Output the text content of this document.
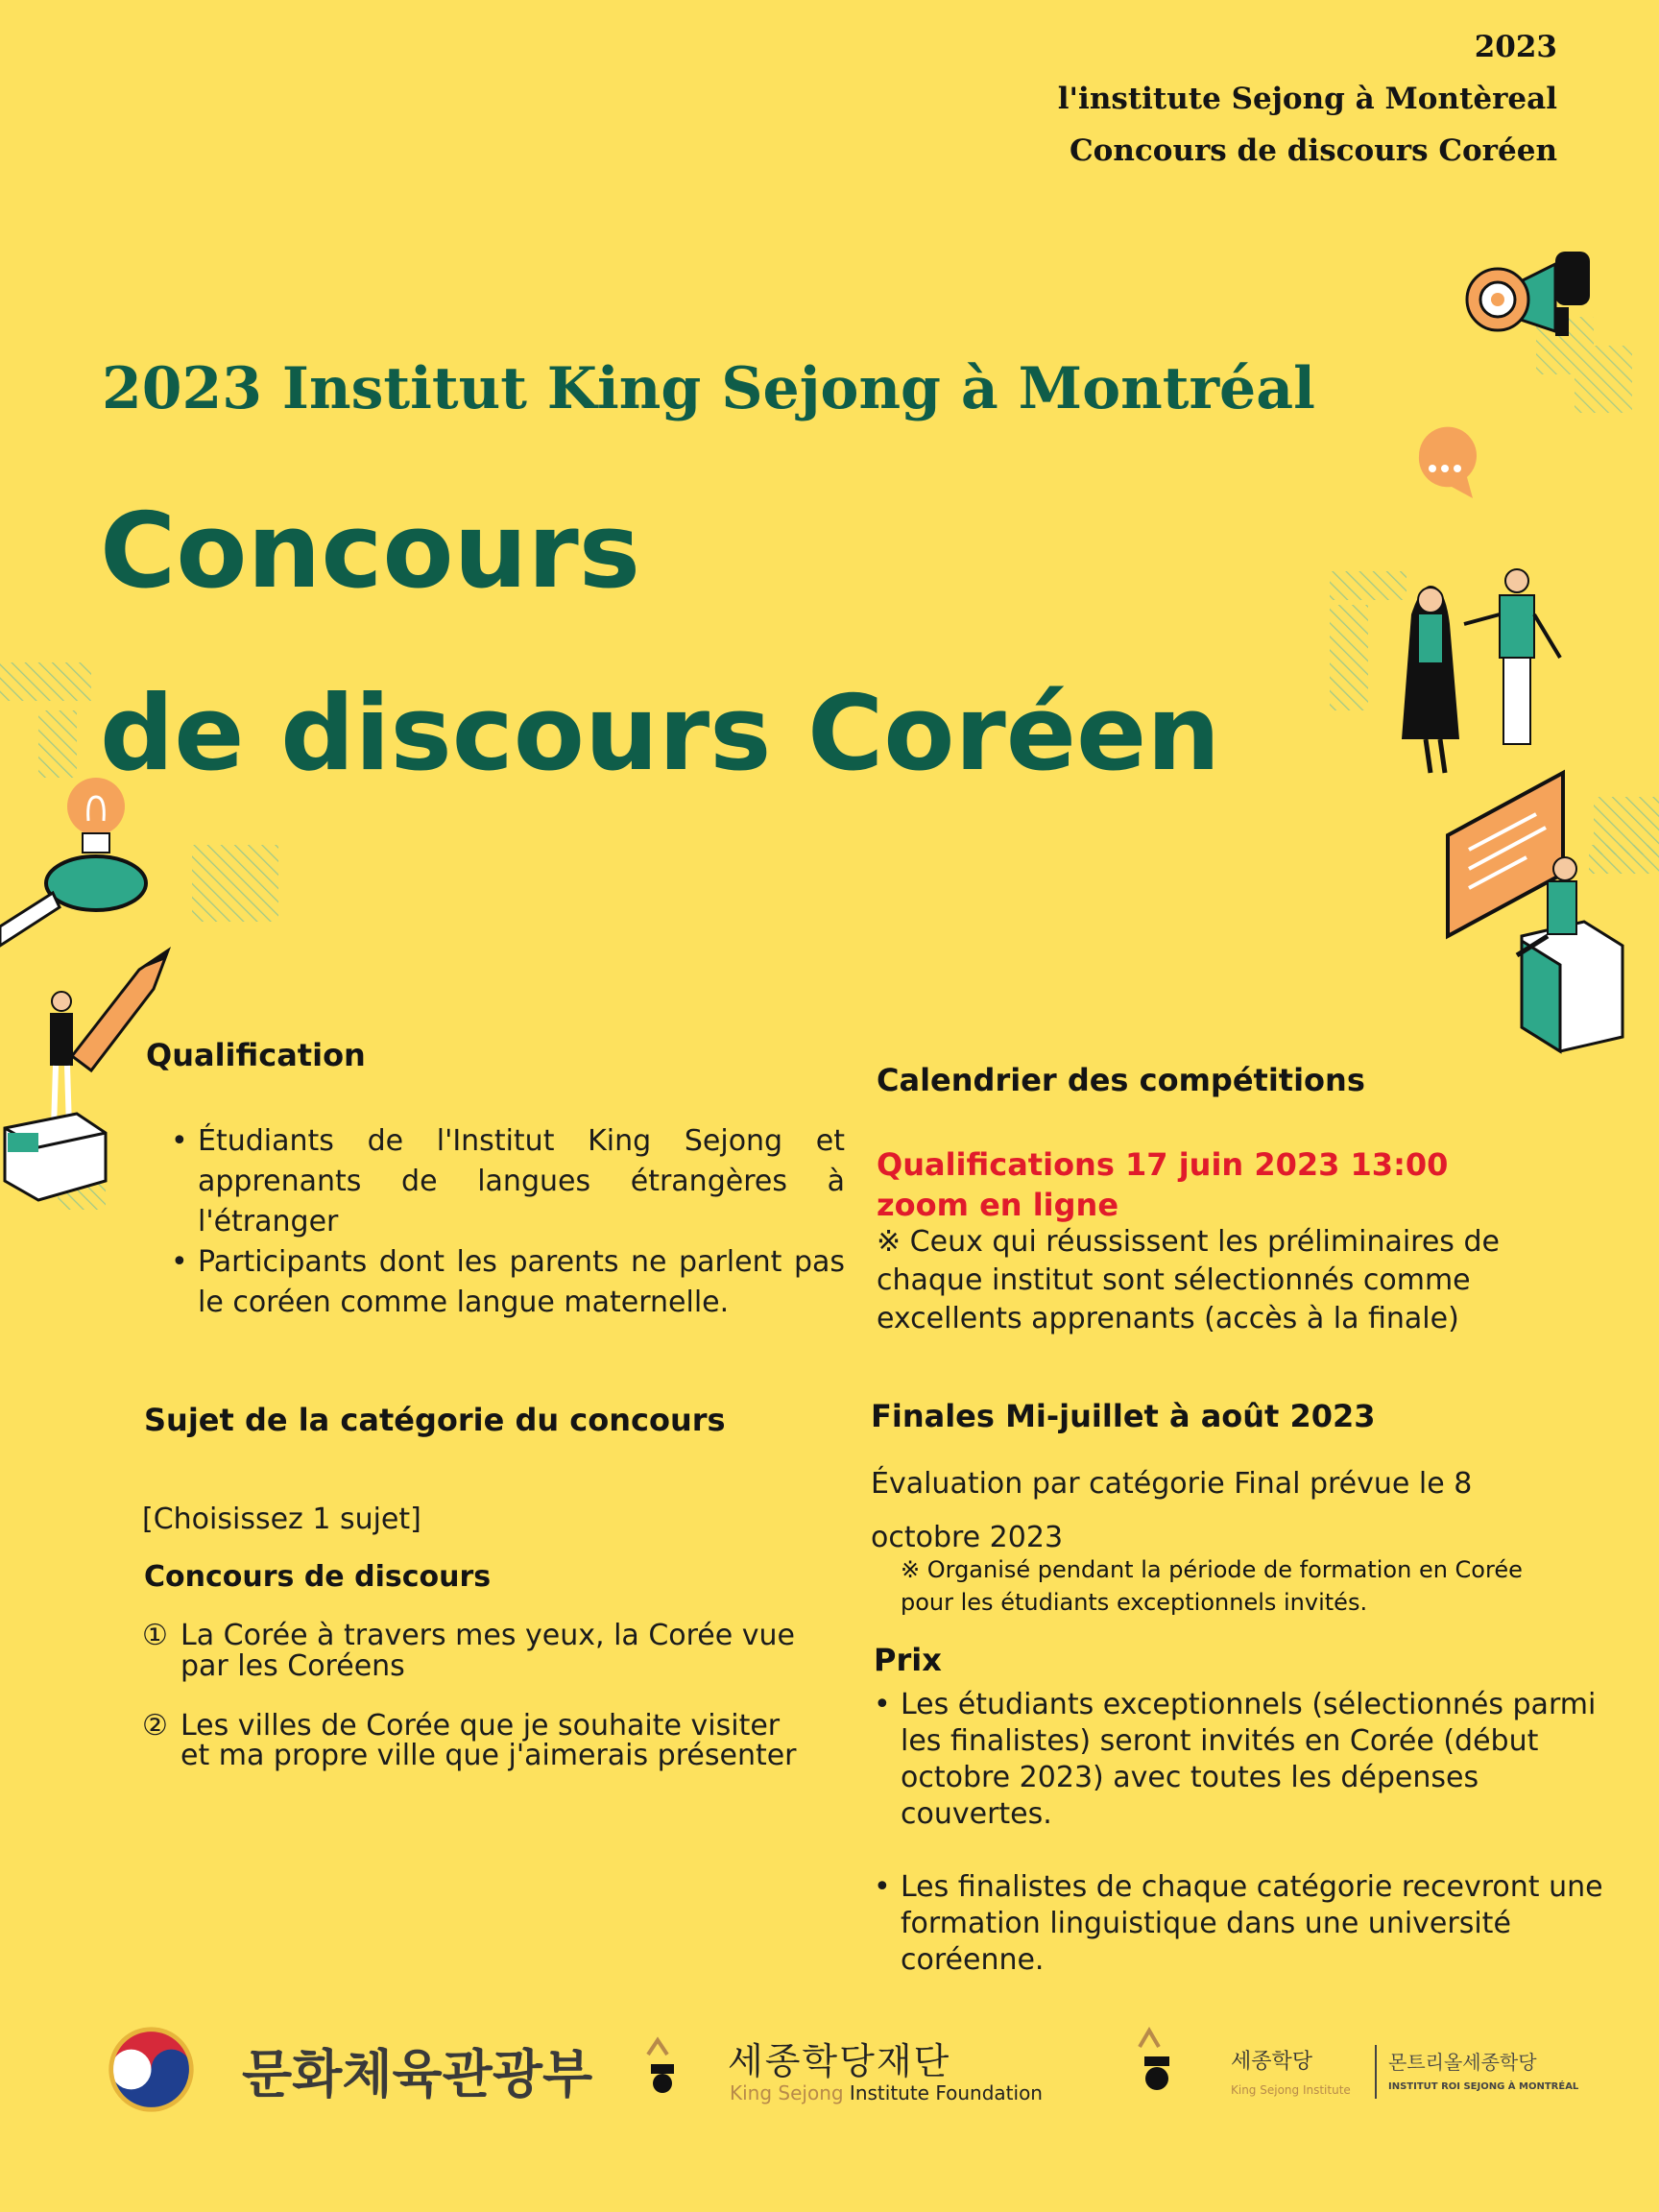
2023
l'institute Sejong à Montèreal
Concours de discours Coréen
2023 Institut King Sejong à Montréal
Concours
de discours Coréen
Qualification
• Étudiants de l'Institut King Sejong et apprenants de langues étrangères à l'étranger
• Participants dont les parents ne parlent pas le coréen comme langue maternelle.
Sujet de la catégorie du concours
[Choisissez 1 sujet]
Concours de discours
① La Corée à travers mes yeux, la Corée vue par les Coréens
② Les villes de Corée que je souhaite visiter et ma propre ville que j'aimerais présenter
Calendrier des compétitions
Qualifications 17 juin 2023 13:00
zoom en ligne
※ Ceux qui réussissent les préliminaires de chaque institut sont sélectionnés comme excellents apprenants (accès à la finale)
Finales Mi-juillet à août 2023
Évaluation par catégorie Final prévue le 8 octobre 2023
※ Organisé pendant la période de formation en Corée pour les étudiants exceptionnels invités.
Prix
• Les étudiants exceptionnels (sélectionnés parmi les finalistes) seront invités en Corée (début octobre 2023) avec toutes les dépenses couvertes.
• Les finalistes de chaque catégorie recevront une formation linguistique dans une université coréenne.
문화체육관광부	세종학당재단
King Sejong Institute Foundation
세종학당
King Sejong Institute
몬트리올세종학당
INSTITUT ROI SEJONG À MONTRÉAL
